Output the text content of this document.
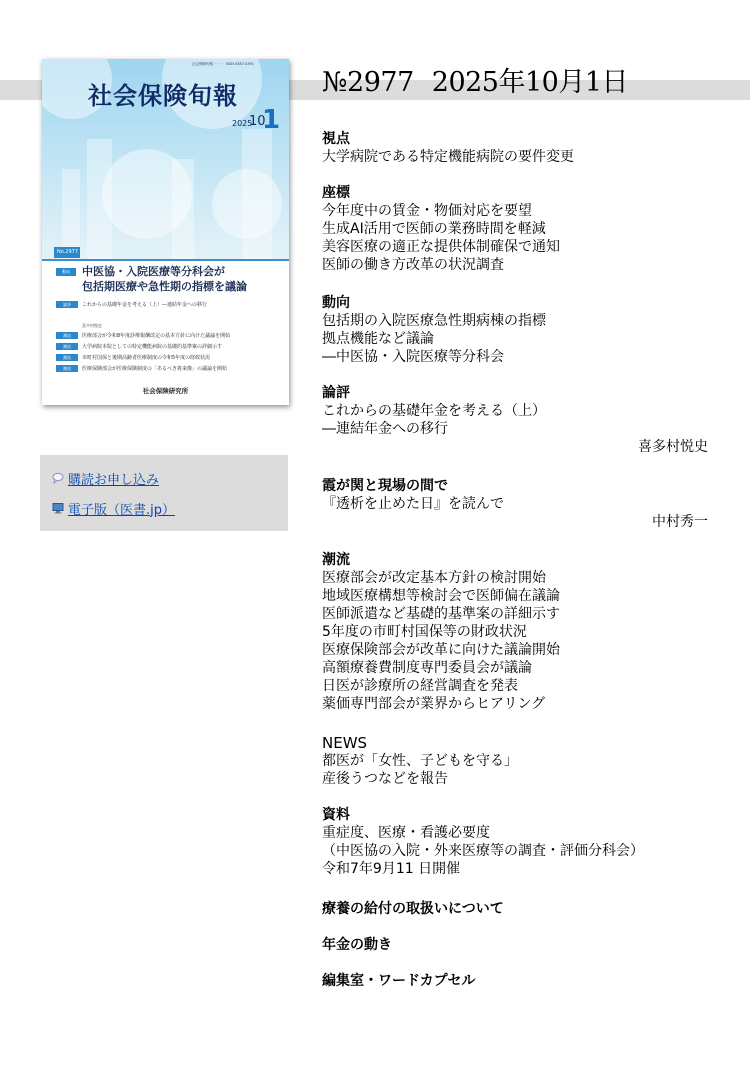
№2977 2025年10月1日
社会保険旬報 ・・・ ISSN 0387-0391
社会保険旬報
2025
10
1
No.2977
動向	中医協・入院医療等分科会が
包括期医療や急性期の指標を議論

論評 これからの基礎年金を考える（上）―連結年金への移行
喜多村悦史
潮流 医療部会が令和8年度診療報酬改定の基本方針に向けた議論を開始
潮流 大学病院本院としての特定機能病院の基礎的基準案の詳細示す
潮流 市町村国保と後期高齢者医療制度の令和5年度の財政状況
潮流 医療保険部会が医療保険制度の「あるべき将来像」の議論を開始
社会保険研究所
購読お申し込み
電子版（医書.jp）
視点
大学病院である特定機能病院の要件変更
座標
今年度中の賃金・物価対応を要望
生成AI活用で医師の業務時間を軽減
美容医療の適正な提供体制確保で通知
医師の働き方改革の状況調査
動向
包括期の入院医療急性期病棟の指標
拠点機能など議論
―中医協・入院医療等分科会
論評
これからの基礎年金を考える（上）
―連結年金への移行
喜多村悦史
霞が関と現場の間で
『透析を止めた日』を読んで
中村秀一
潮流
医療部会が改定基本方針の検討開始
地域医療構想等検討会で医師偏在議論
医師派遣など基礎的基準案の詳細示す
5年度の市町村国保等の財政状況
医療保険部会が改革に向けた議論開始
高額療養費制度専門委員会が議論
日医が診療所の経営調査を発表
薬価専門部会が業界からヒアリング
NEWS
都医が「女性、子どもを守る」
産後うつなどを報告
資料
重症度、医療・看護必要度
（中医協の入院・外来医療等の調査・評価分科会）
令和7年9月11 日開催
療養の給付の取扱いについて
年金の動き
編集室・ワードカプセル
